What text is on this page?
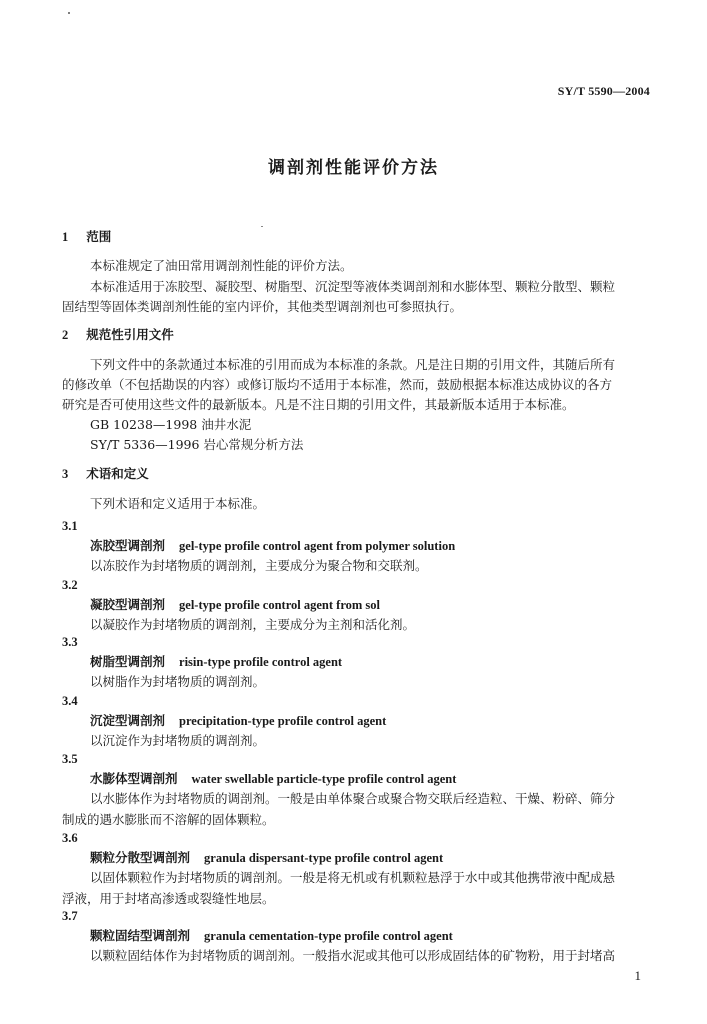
SY/T 5590—2004
调剖剂性能评价方法
1 范围
本标准规定了油田常用调剖剂性能的评价方法。
本标准适用于冻胶型、凝胶型、树脂型、沉淀型等液体类调剖剂和水膨体型、颗粒分散型、颗粒
固结型等固体类调剖剂性能的室内评价，其他类型调剖剂也可参照执行。
2 规范性引用文件
下列文件中的条款通过本标准的引用而成为本标准的条款。凡是注日期的引用文件，其随后所有
的修改单（不包括勘误的内容）或修订版均不适用于本标准，然而，鼓励根据本标准达成协议的各方
研究是否可使用这些文件的最新版本。凡是不注日期的引用文件，其最新版本适用于本标准。
GB 10238—1998 油井水泥
SY/T 5336—1996 岩心常规分析方法
3 术语和定义
下列术语和定义适用于本标准。
3.1
冻胶型调剖剂 gel-type profile control agent from polymer solution
以冻胶作为封堵物质的调剖剂，主要成分为聚合物和交联剂。
3.2
凝胶型调剖剂 gel-type profile control agent from sol
以凝胶作为封堵物质的调剖剂，主要成分为主剂和活化剂。
3.3
树脂型调剖剂 risin-type profile control agent
以树脂作为封堵物质的调剖剂。
3.4
沉淀型调剖剂 precipitation-type profile control agent
以沉淀作为封堵物质的调剖剂。
3.5
水膨体型调剖剂 water swellable particle-type profile control agent
以水膨体作为封堵物质的调剖剂。一般是由单体聚合或聚合物交联后经造粒、干燥、粉碎、筛分
制成的遇水膨胀而不溶解的固体颗粒。
3.6
颗粒分散型调剖剂 granula dispersant-type profile control agent
以固体颗粒作为封堵物质的调剖剂。一般是将无机或有机颗粒悬浮于水中或其他携带液中配成悬
浮液，用于封堵高渗透或裂缝性地层。
3.7
颗粒固结型调剖剂 granula cementation-type profile control agent
以颗粒固结体作为封堵物质的调剖剂。一般指水泥或其他可以形成固结体的矿物粉，用于封堵高
1
